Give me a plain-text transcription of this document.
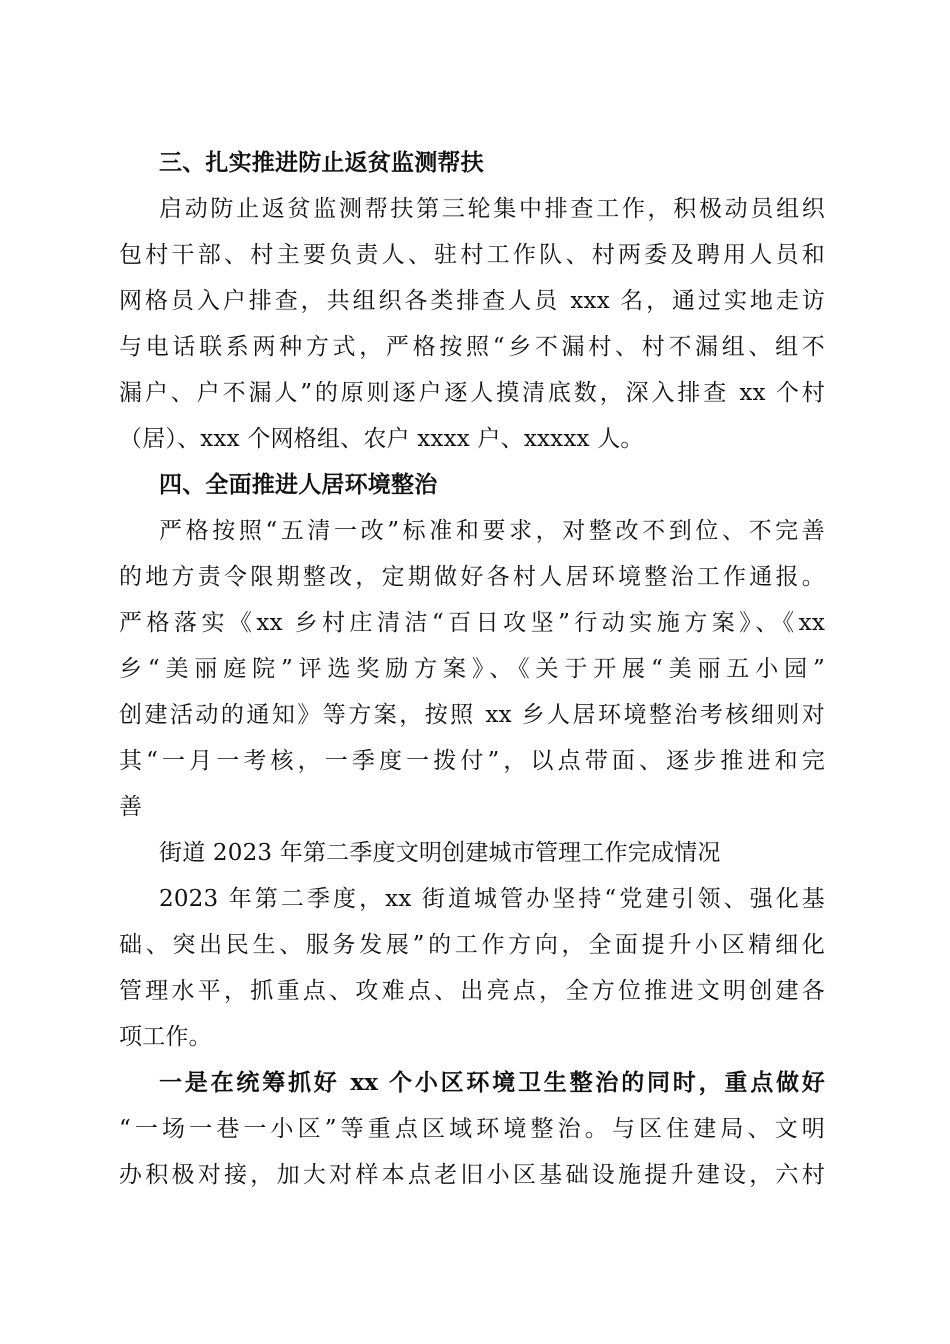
三、扎实推进防止返贫监测帮扶
启动防止返贫监测帮扶第三轮集中排查工作，积极动员组织
包村干部、村主要负责人、驻村工作队、村两委及聘用人员和
网格员入户排查，共组织各类排查人员 xxx 名，通过实地走访
与电话联系两种方式，严格按照“乡不漏村、村不漏组、组不
漏户、户不漏人”的原则逐户逐人摸清底数，深入排查 xx 个村
（居）、xxx 个网格组、农户 xxxx 户、xxxxx 人。
四、全面推进人居环境整治
严格按照“五清一改”标准和要求，对整改不到位、不完善
的地方责令限期整改，定期做好各村人居环境整治工作通报。
严格落实《xx 乡村庄清洁“百日攻坚”行动实施方案》、《xx
乡“美丽庭院”评选奖励方案》、《关于开展“美丽五小园”
创建活动的通知》等方案，按照 xx 乡人居环境整治考核细则对
其“一月一考核，一季度一拨付”，以点带面、逐步推进和完
善
街道 2023 年第二季度文明创建城市管理工作完成情况
2023 年第二季度，xx 街道城管办坚持“党建引领、强化基
础、突出民生、服务发展”的工作方向，全面提升小区精细化
管理水平，抓重点、攻难点、出亮点，全方位推进文明创建各
项工作。
一是在统筹抓好 xx 个小区环境卫生整治的同时，重点做好
“一场一巷一小区”等重点区域环境整治。与区住建局、文明
办积极对接，加大对样本点老旧小区基础设施提升建设，六村
